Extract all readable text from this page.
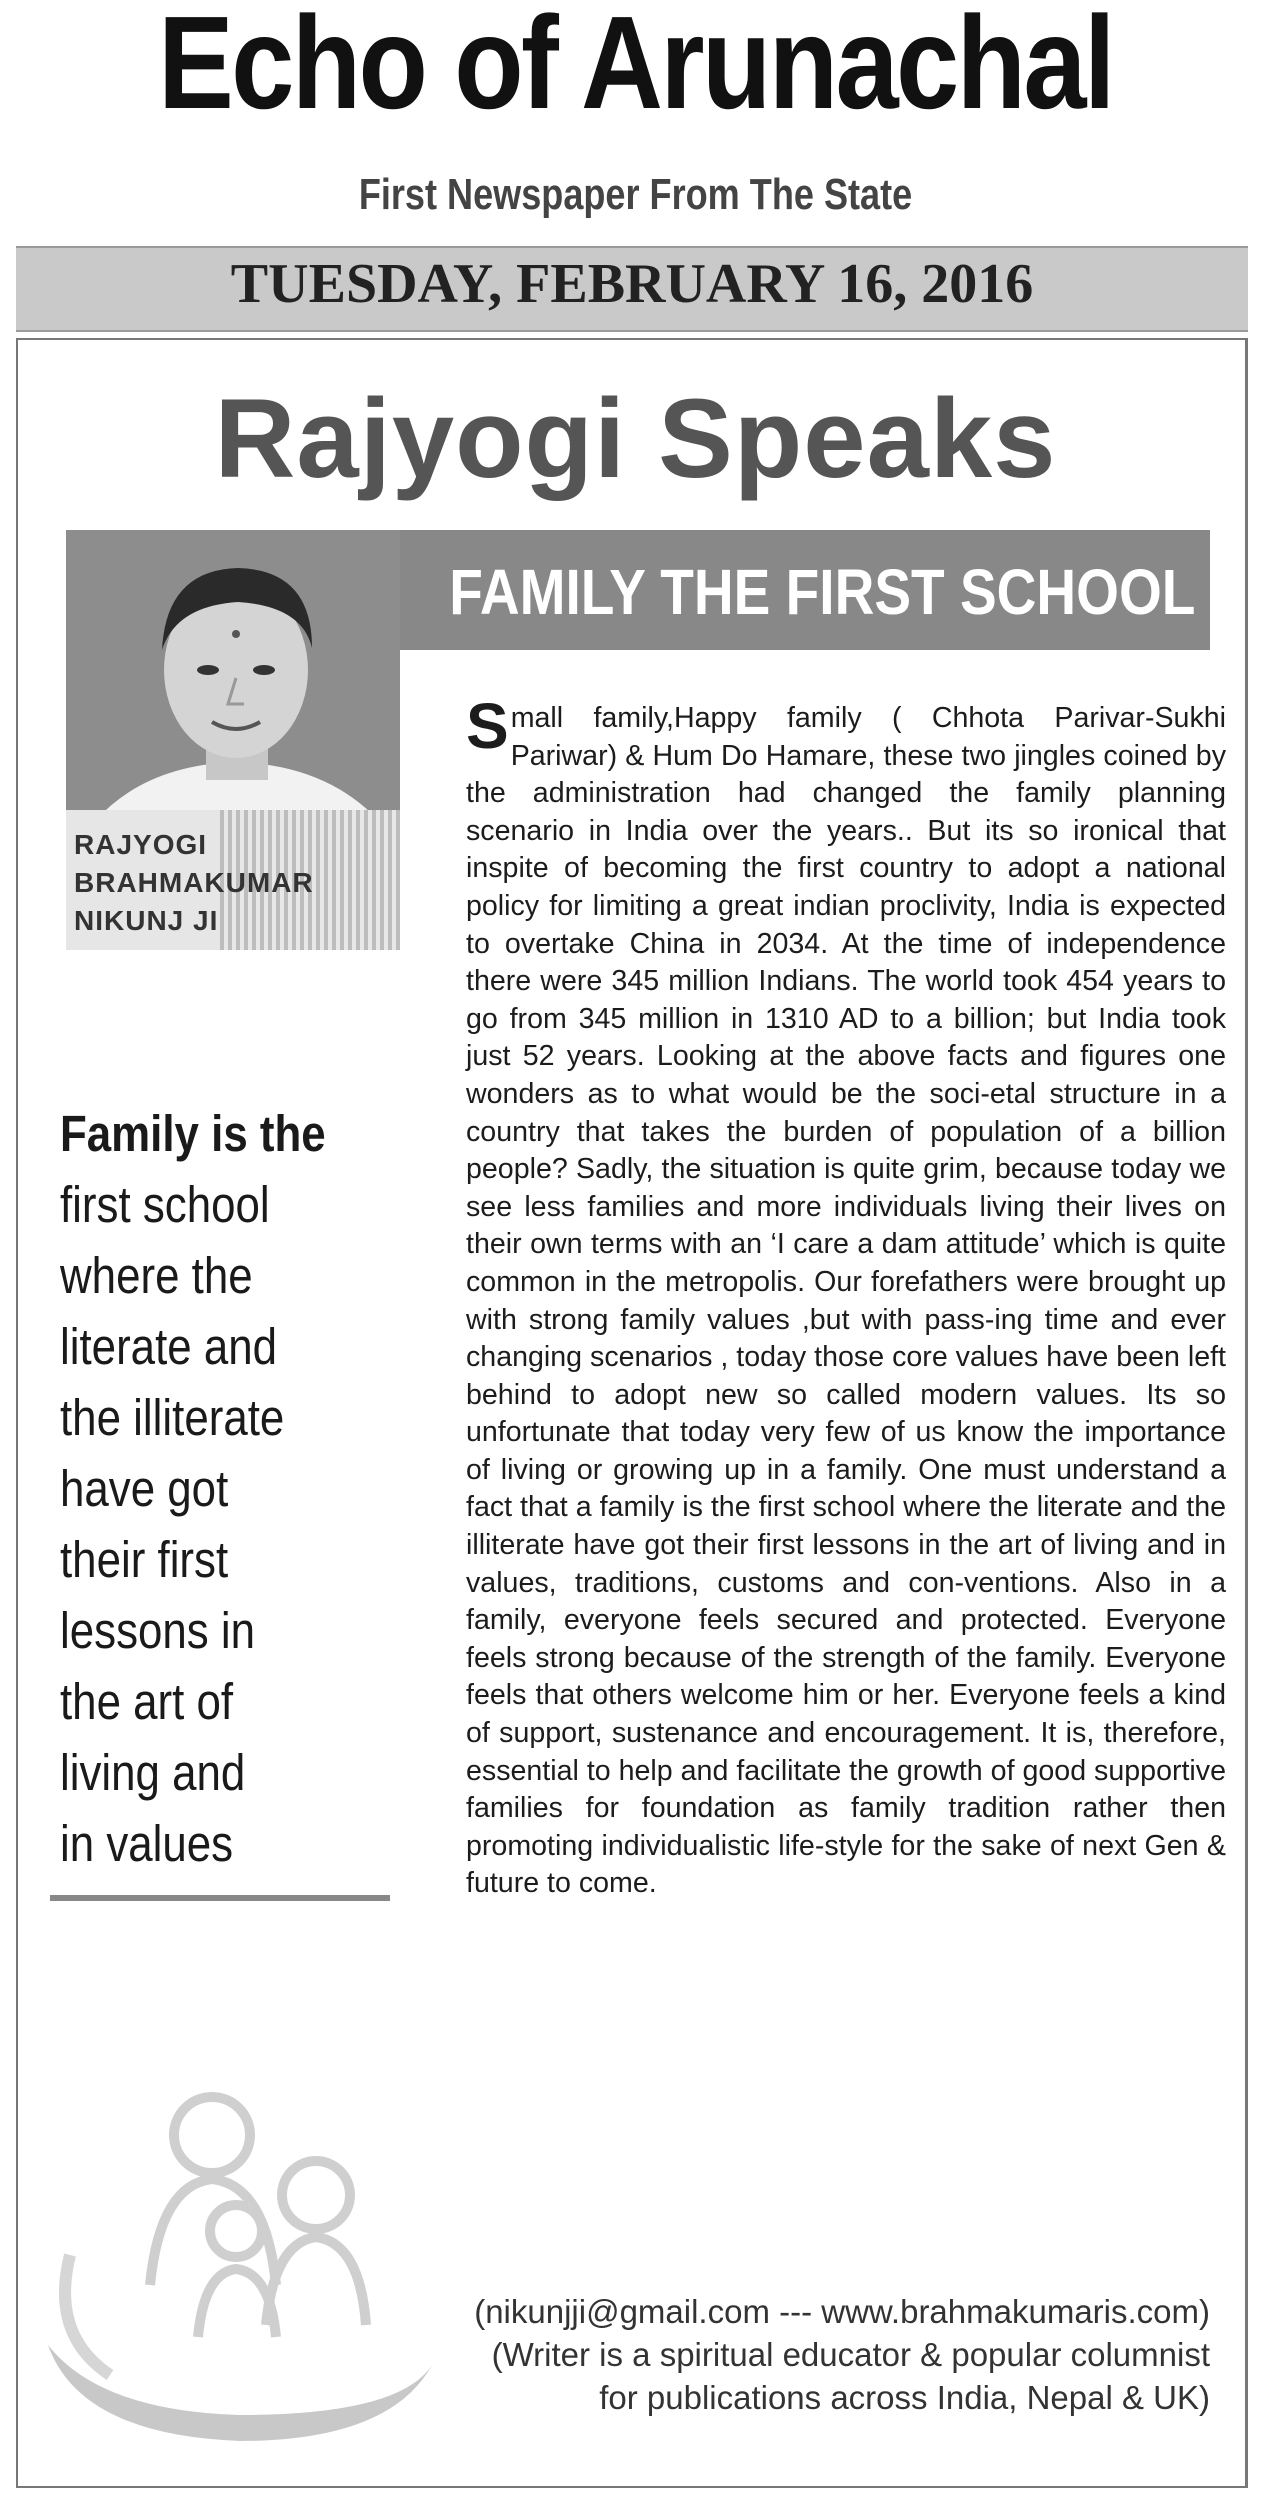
Echo of Arunachal
First Newspaper From The State
TUESDAY, FEBRUARY 16, 2016
Rajyogi Speaks
FAMILY THE FIRST SCHOOL
RAJYOGI
BRAHMAKUMAR
NIKUNJ JI
Family is the
first school
where the
literate and
the illiterate
have got
their first
lessons in
the art of
living and
in values
Small family,Happy family ( Chhota Parivar-Sukhi Pariwar) & Hum Do Hamare, these two jingles coined by the administration had changed the family planning scenario in India over the years.. But its so ironical that inspite of becoming the first country to adopt a national policy for limiting a great indian proclivity, India is expected to overtake China in 2034. At the time of independence there were 345 million Indians. The world took 454 years to go from 345 million in 1310 AD to a billion; but India took just 52 years. Looking at the above facts and figures one wonders as to what would be the soci-etal structure in a country that takes the burden of population of a billion people? Sadly, the situation is quite grim, because today we see less families and more individuals living their lives on their own terms with an ‘I care a dam attitude’ which is quite common in the metropolis. Our forefathers were brought up with strong family values ,but with pass-ing time and ever changing scenarios , today those core values have been left behind to adopt new so called modern values. Its so unfortunate that today very few of us know the importance of living or growing up in a family. One must understand a fact that a family is the first school where the literate and the illiterate have got their first lessons in the art of living and in values, traditions, customs and con-ventions. Also in a family, everyone feels secured and protected. Everyone feels strong because of the strength of the family. Everyone feels that others welcome him or her. Everyone feels a kind of support, sustenance and encouragement. It is, therefore, essential to help and facilitate the growth of good supportive families for foundation as family tradition rather then promoting individualistic life-style for the sake of next Gen & future to come.
(nikunjji@gmail.com --- www.brahmakumaris.com)
(Writer is a spiritual educator & popular columnist
for publications across India, Nepal & UK)
